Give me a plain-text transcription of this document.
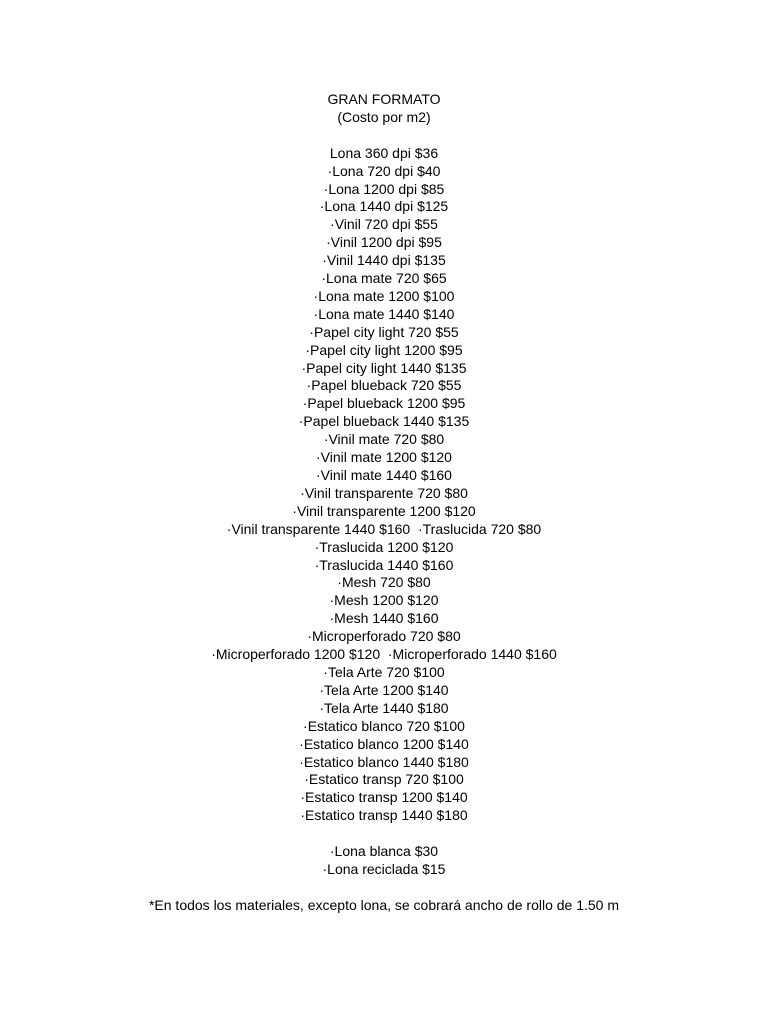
GRAN FORMATO
(Costo por m2)
Lona 360 dpi $36
·Lona 720 dpi $40
·Lona 1200 dpi $85
·Lona 1440 dpi $125
·Vinil 720 dpi $55
·Vinil 1200 dpi $95
·Vinil 1440 dpi $135
·Lona mate 720 $65
·Lona mate 1200 $100
·Lona mate 1440 $140
·Papel city light 720 $55
·Papel city light 1200 $95
·Papel city light 1440 $135
·Papel blueback 720 $55
·Papel blueback 1200 $95
·Papel blueback 1440 $135
·Vinil mate 720 $80
·Vinil mate 1200 $120
·Vinil mate 1440 $160
·Vinil transparente 720 $80
·Vinil transparente 1200 $120
·Vinil transparente 1440 $160  ·Traslucida 720 $80
·Traslucida 1200 $120
·Traslucida 1440 $160
·Mesh 720 $80
·Mesh 1200 $120
·Mesh 1440 $160
·Microperforado 720 $80
·Microperforado 1200 $120  ·Microperforado 1440 $160
·Tela Arte 720 $100
·Tela Arte 1200 $140
·Tela Arte 1440 $180
·Estatico blanco 720 $100
·Estatico blanco 1200 $140
·Estatico blanco 1440 $180
·Estatico transp 720 $100
·Estatico transp 1200 $140
·Estatico transp 1440 $180
·Lona blanca $30
·Lona reciclada $15
*En todos los materiales, excepto lona, se cobrará ancho de rollo de 1.50 m
